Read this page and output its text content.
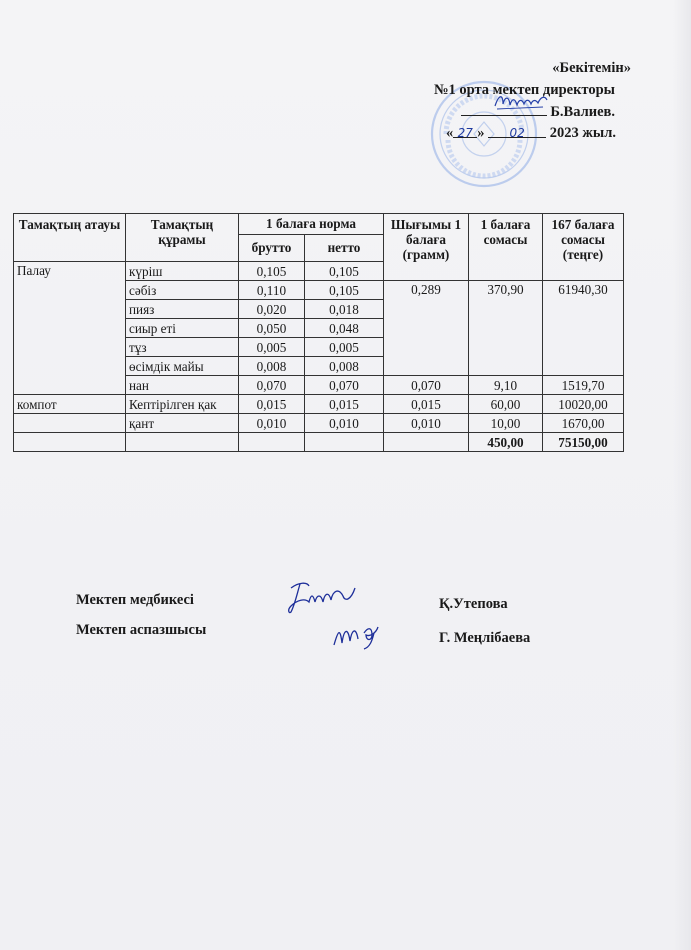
«Бекітемін»
№1 орта мектеп директоры
Б.Валиев.
« 27 » 02 2023 жыл.
Тамақтың атауы	Тамақтың құрамы	1 балаға норма		Шығымы 1 балаға (грамм)	1 балаға сомасы	167 балаға сомасы (теңге)
		брутто	нетто			
Палау	күріш	0,105	0,105			
	сәбіз	0,110	0,105	0,289	370,90	61940,30
	пияз	0,020	0,018			
	сиыр еті	0,050	0,048			
	тұз	0,005	0,005			
	өсімдік майы	0,008	0,008			
	нан	0,070	0,070	0,070	9,10	1519,70
компот	Кептірілген қак	0,015	0,015	0,015	60,00	10020,00
	қант	0,010	0,010	0,010	10,00	1670,00
					450,00	75150,00
Мектеп медбикесі	Қ.Утепова
Мектеп аспазшысы	Г. Меңлібаева
